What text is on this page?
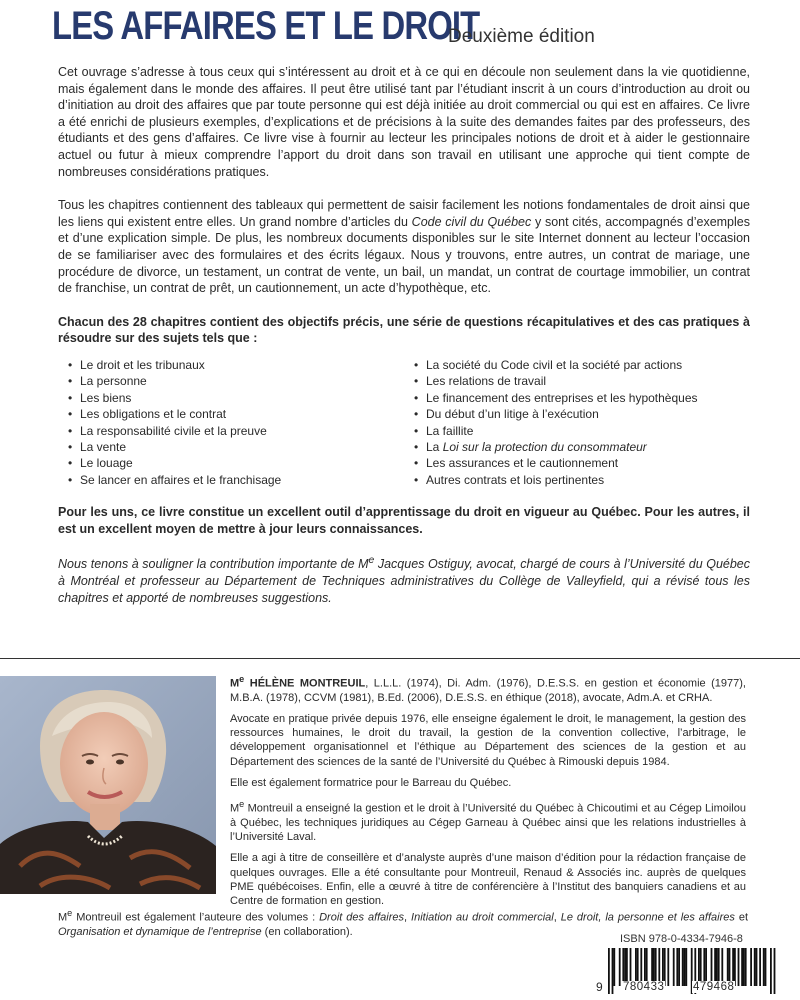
LES AFFAIRES ET LE DROIT
Deuxième édition

Cet ouvrage s’adresse à tous ceux qui s’intéressent au droit et à ce qui en découle non seulement dans la vie quotidienne, mais également dans le monde des affaires. Il peut être utilisé tant par l’étudiant inscrit à un cours d’introduction au droit ou d’initiation au droit des affaires que par toute personne qui est déjà initiée au droit commercial ou qui est en affaires. Ce livre a été enrichi de plusieurs exemples, d’explications et de précisions à la suite des demandes faites par des professeurs, des étudiants et des gens d’affaires. Ce livre vise à fournir au lecteur les principales notions de droit et à aider le gestionnaire actuel ou futur à mieux comprendre l’apport du droit dans son travail en utilisant une approche qui tient compte de nombreuses considérations pratiques.

Tous les chapitres contiennent des tableaux qui permettent de saisir facilement les notions fondamentales de droit ainsi que les liens qui existent entre elles. Un grand nombre d’articles du Code civil du Québec y sont cités, accompagnés d’exemples et d’une explication simple. De plus, les nombreux documents disponibles sur le site Internet donnent au lecteur l’occasion de se familiariser avec des formulaires et des écrits légaux. Nous y trouvons, entre autres, un contrat de mariage, une procédure de divorce, un testament, un contrat de vente, un bail, un mandat, un contrat de courtage immobilier, un contrat de franchise, un contrat de prêt, un cautionnement, un acte d’hypothèque, etc.

Chacun des 28 chapitres contient des objectifs précis, une série de questions récapitulatives et des cas pratiques à résoudre sur des sujets tels que :

• Le droit et les tribunaux
• La personne
• Les biens
• Les obligations et le contrat
• La responsabilité civile et la preuve
• La vente
• Le louage
• Se lancer en affaires et le franchisage
• La société du Code civil et la société par actions
• Les relations de travail
• Le financement des entreprises et les hypothèques
• Du début d’un litige à l’exécution
• La faillite
• La Loi sur la protection du consommateur
• Les assurances et le cautionnement
• Autres contrats et lois pertinentes

Pour les uns, ce livre constitue un excellent outil d’apprentissage du droit en vigueur au Québec. Pour les autres, il est un excellent moyen de mettre à jour leurs connaissances.

Nous tenons à souligner la contribution importante de Me Jacques Ostiguy, avocat, chargé de cours à l’Université du Québec à Montréal et professeur au Département de Techniques administratives du Collège de Valleyfield, qui a révisé tous les chapitres et apporté de nombreuses suggestions.

Me HÉLÈNE MONTREUIL, L.L.L. (1974), Di. Adm. (1976), D.E.S.S. en gestion et économie (1977), M.B.A. (1978), CCVM (1981), B.Ed. (2006), D.E.S.S. en éthique (2018), avocate, Adm.A. et CRHA.

Avocate en pratique privée depuis 1976, elle enseigne également le droit, le management, la gestion des ressources humaines, le droit du travail, la gestion de la convention collective, l’arbitrage, le développement organisationnel et l’éthique au Département des sciences de la gestion et au Département des sciences de la santé de l’Université du Québec à Rimouski depuis 1984.

Elle est également formatrice pour le Barreau du Québec.

Me Montreuil a enseigné la gestion et le droit à l’Université du Québec à Chicoutimi et au Cégep Limoilou à Québec, les techniques juridiques au Cégep Garneau à Québec ainsi que les relations industrielles à l’Université Laval.

Elle a agi à titre de conseillère et d’analyste auprès d’une maison d’édition pour la rédaction française de quelques ouvrages. Elle a été consultante pour Montreuil, Renaud & Associés inc. auprès de quelques PME québécoises. Enfin, elle a œuvré à titre de conférencière à l’Institut des banquiers canadiens et au Centre de formation en gestion.

Me Montreuil est également l’auteure des volumes : Droit des affaires, Initiation au droit commercial, Le droit, la personne et les affaires et Organisation et dynamique de l’entreprise (en collaboration).

ISBN 978-0-4334-7946-8
9 780433 479468
